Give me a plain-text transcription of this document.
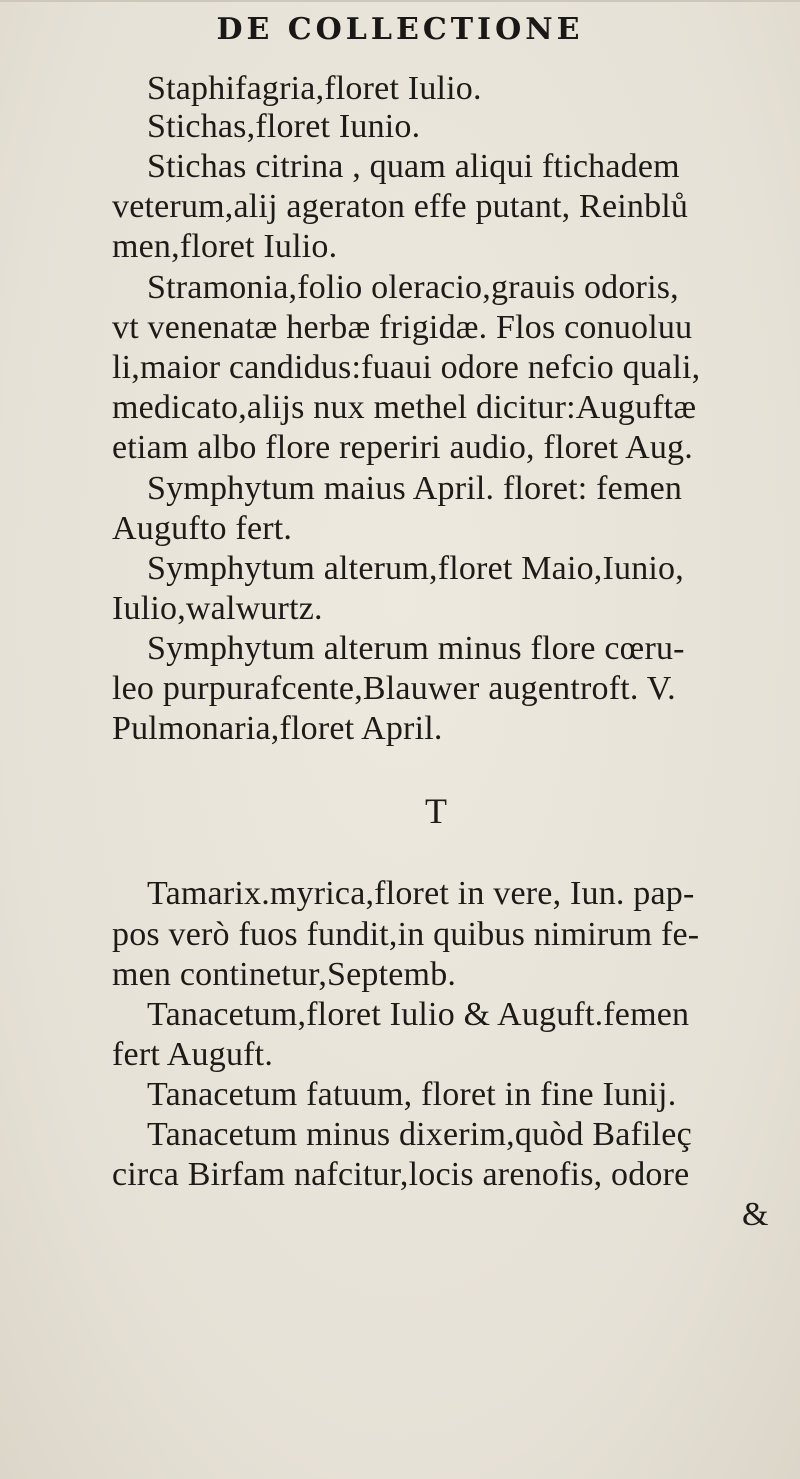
DE COLLECTIONE
Staphifagria,floret Iulio.
Stichas,floret Iunio.
Stichas citrina , quam aliqui ftichadem
veterum,alij ageraton effe putant, Reinblů
men,floret Iulio.
Stramonia,folio oleracio,grauis odoris,
vt venenatæ herbæ frigidæ. Flos conuoluu
li,maior candidus:fuaui odore nefcio quali,
medicato,alijs nux methel dicitur:Auguftæ
etiam albo flore reperiri audio, floret Aug.
Symphytum maius April. floret: femen
Augufto fert.
Symphytum alterum,floret Maio,Iunio,
Iulio,walwurtz.
Symphytum alterum minus flore cœru-
leo purpurafcente,Blauwer augentroft. V.
Pulmonaria,floret April.
T
Tamarix.myrica,floret in vere, Iun. pap-
pos verò fuos fundit,in quibus nimirum fe-
men continetur,Septemb.
Tanacetum,floret Iulio & Auguft.femen
fert Auguft.
Tanacetum fatuum, floret in fine Iunij.
Tanacetum minus dixerim,quòd Bafileç
circa Birfam nafcitur,locis arenofis, odore
&
